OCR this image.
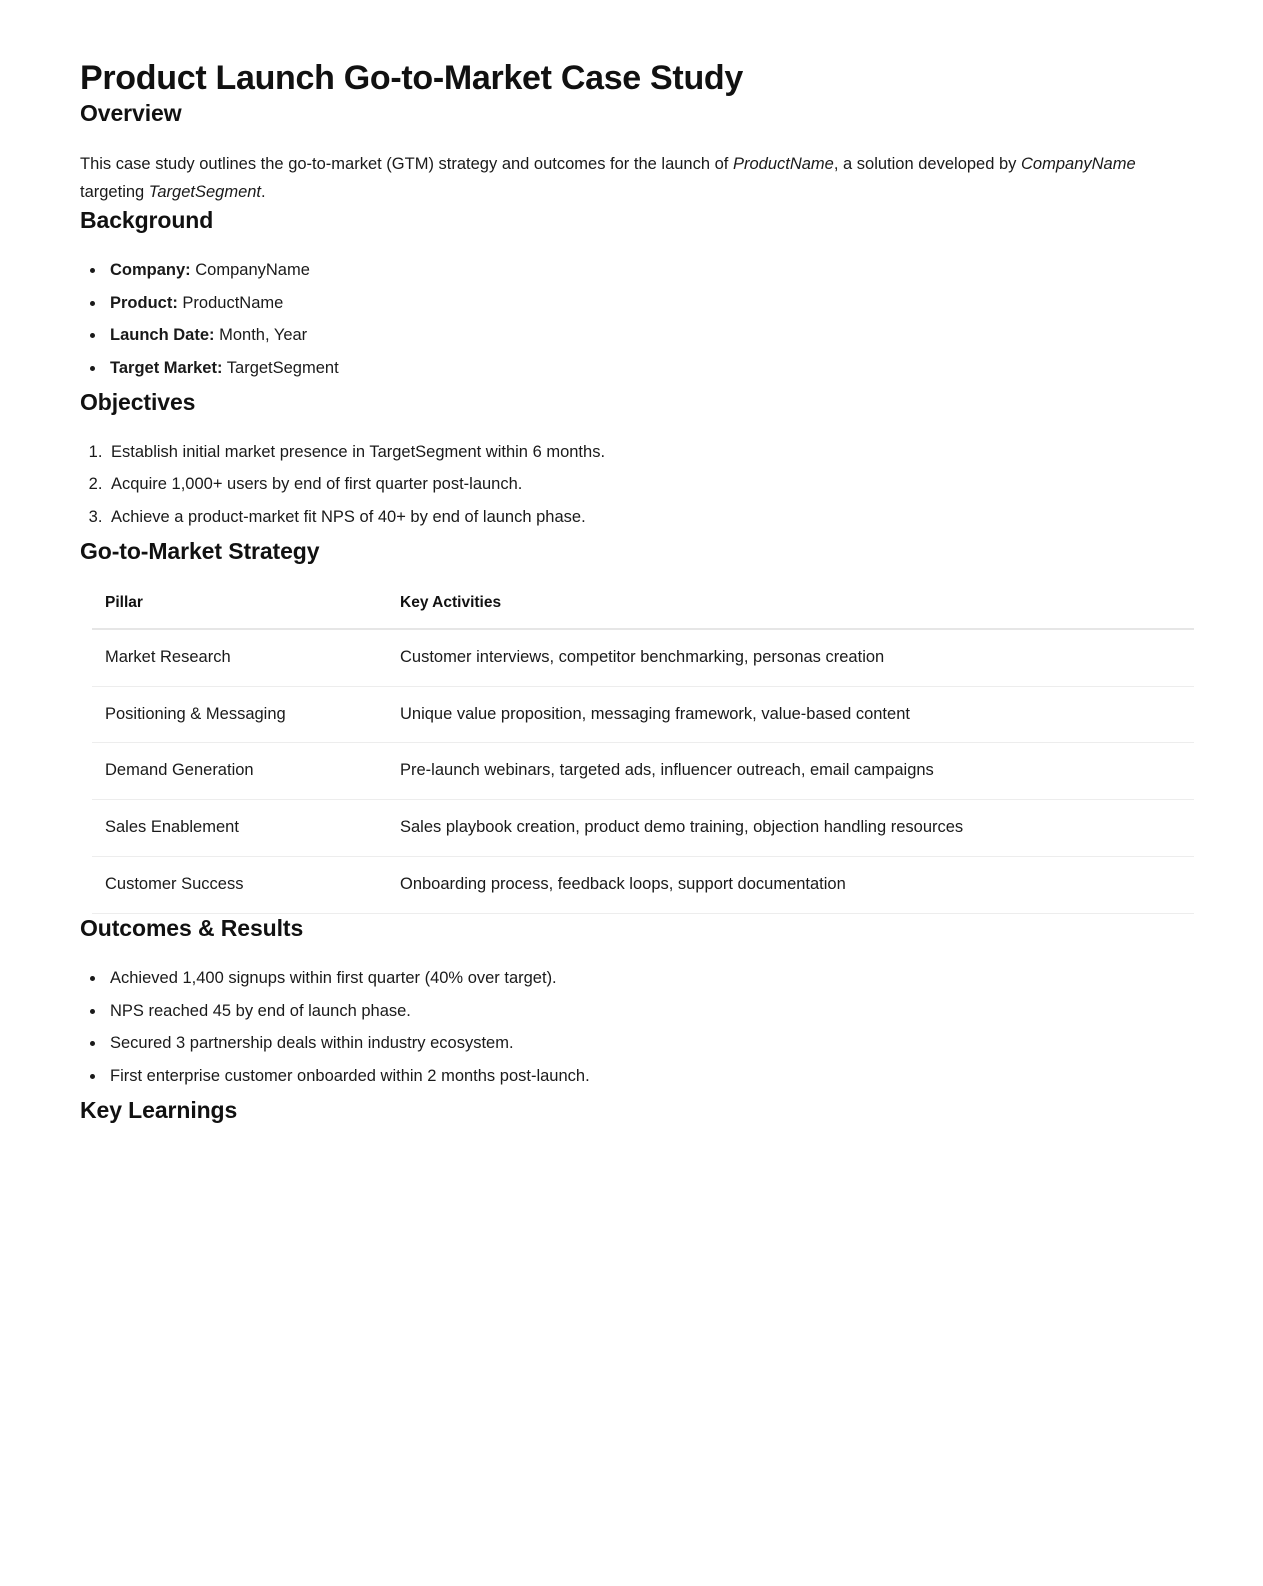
Product Launch Go-to-Market Case Study
Overview

This case study outlines the go-to-market (GTM) strategy and outcomes for the launch of ProductName, a solution developed by CompanyName targeting TargetSegment.

Background
• Company: CompanyName
• Product: ProductName
• Launch Date: Month, Year
• Target Market: TargetSegment
Objectives
1. Establish initial market presence in TargetSegment within 6 months.
2. Acquire 1,000+ users by end of first quarter post-launch.
3. Achieve a product-market fit NPS of 40+ by end of launch phase.
Go-to-Market Strategy
Pillar	Key Activities
Market Research	Customer interviews, competitor benchmarking, personas creation
Positioning & Messaging	Unique value proposition, messaging framework, value-based content
Demand Generation	Pre-launch webinars, targeted ads, influencer outreach, email campaigns
Sales Enablement	Sales playbook creation, product demo training, objection handling resources
Customer Success	Onboarding process, feedback loops, support documentation
Outcomes & Results
• Achieved 1,400 signups within first quarter (40% over target).
• NPS reached 45 by end of launch phase.
• Secured 3 partnership deals within industry ecosystem.
• First enterprise customer onboarded within 2 months post-launch.
Key Learnings
